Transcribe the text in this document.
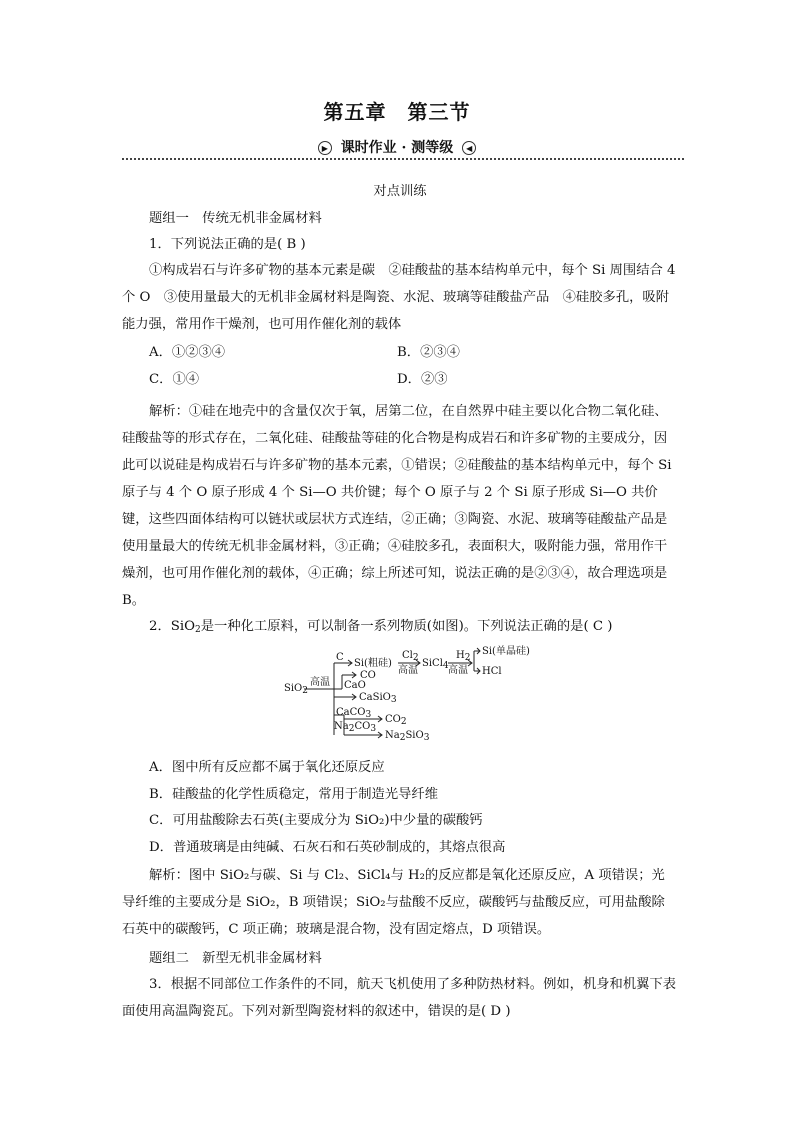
第五章　第三节
▶ 课时作业 · 测等级 ◀
对点训练
题组一　传统无机非金属材料
1．下列说法正确的是( B )
①构成岩石与许多矿物的基本元素是碳　②硅酸盐的基本结构单元中，每个 Si 周围结合 4 个 O　③使用量最大的无机非金属材料是陶瓷、水泥、玻璃等硅酸盐产品　④硅胶多孔，吸附能力强，常用作干燥剂，也可用作催化剂的载体
A．①②③④	B．②③④
C．①④	D．②③
解析：①硅在地壳中的含量仅次于氧，居第二位，在自然界中硅主要以化合物二氧化硅、硅酸盐等的形式存在，二氧化硅、硅酸盐等硅的化合物是构成岩石和许多矿物的主要成分，因此可以说硅是构成岩石与许多矿物的基本元素，①错误；②硅酸盐的基本结构单元中，每个 Si 原子与 4 个 O 原子形成 4 个 Si—O 共价键；每个 O 原子与 2 个 Si 原子形成 Si—O 共价键，这些四面体结构可以链状或层状方式连结，②正确；③陶瓷、水泥、玻璃等硅酸盐产品是使用量最大的传统无机非金属材料，③正确；④硅胶多孔，表面积大，吸附能力强，常用作干燥剂，也可用作催化剂的载体，④正确；综上所述可知，说法正确的是②③④，故合理选项是 B。
2．SiO$_2$是一种化工原料，可以制备一系列物质(如图)。下列说法正确的是( C )
SiO$_2$
高温
C
Si(粗硅)
CO
CaO
CaSiO$_3$
CaCO$_3$
$Na_2CO_3$
$CO_2$
$Na_2SiO_3$
$Cl_2$
高温
SiCl$_4$
$H_2$
高温
Si(单晶硅)
HCl
A．图中所有反应都不属于氧化还原反应
B．硅酸盐的化学性质稳定，常用于制造光导纤维
C．可用盐酸除去石英(主要成分为 SiO₂)中少量的碳酸钙
D．普通玻璃是由纯碱、石灰石和石英砂制成的，其熔点很高
解析：图中 SiO₂与碳、Si 与 Cl₂、SiCl₄与 H₂的反应都是氧化还原反应，A 项错误；光导纤维的主要成分是 SiO₂，B 项错误；SiO₂与盐酸不反应，碳酸钙与盐酸反应，可用盐酸除石英中的碳酸钙，C 项正确；玻璃是混合物，没有固定熔点，D 项错误。
题组二　新型无机非金属材料
3．根据不同部位工作条件的不同，航天飞机使用了多种防热材料。例如，机身和机翼下表面使用高温陶瓷瓦。下列对新型陶瓷材料的叙述中，错误的是( D )
